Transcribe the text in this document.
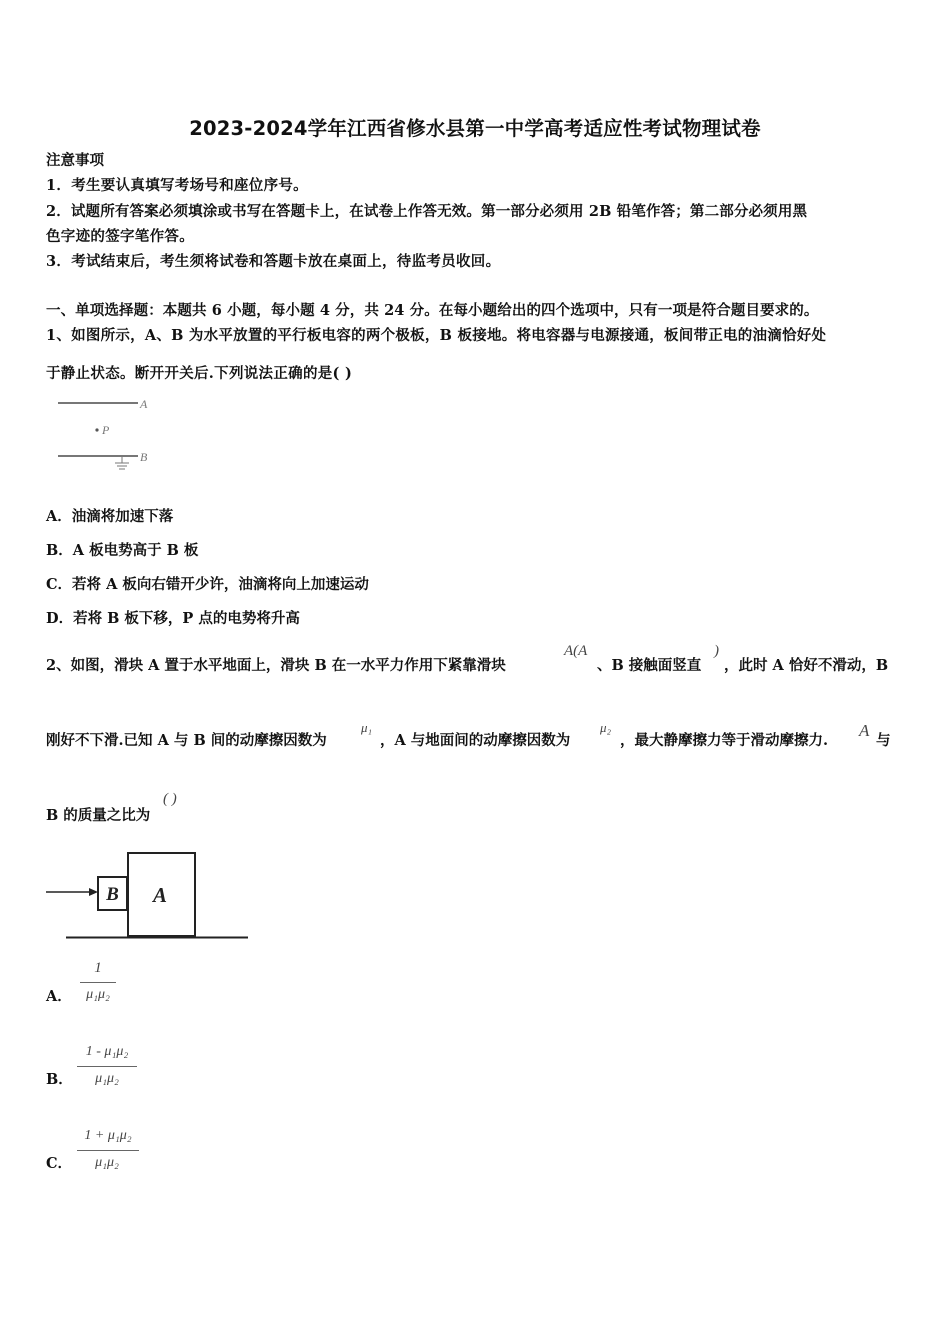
2023-2024学年江西省修水县第一中学高考适应性考试物理试卷
注意事项
1．考生要认真填写考场号和座位序号。
2．试题所有答案必须填涂或书写在答题卡上，在试卷上作答无效。第一部分必须用 2B 铅笔作答；第二部分必须用黑
色字迹的签字笔作答。
3．考试结束后，考生须将试卷和答题卡放在桌面上，待监考员收回。
一、单项选择题：本题共 6 小题，每小题 4 分，共 24 分。在每小题给出的四个选项中，只有一项是符合题目要求的。
1、如图所示，A、B 为水平放置的平行板电容的两个极板，B 板接地。将电容器与电源接通，板间带正电的油滴恰好处
于静止状态。断开开关后.下列说法正确的是( )
A
P
B
A．油滴将加速下落
B．A 板电势高于 B 板
C．若将 A 板向右错开少许，油滴将向上加速运动
D．若将 B 板下移，P 点的电势将升高
2、如图，滑块 A 置于水平地面上，滑块 B 在一水平力作用下紧靠滑块
A(A
、B 接触面竖直
)
，此时 A 恰好不滑动，B
刚好不下滑.已知 A 与 B 间的动摩擦因数为
μ₁
，A 与地面间的动摩擦因数为
μ₂
，最大静摩擦力等于滑动摩擦力.
A
与
B 的质量之比为
( )
B A
A．
1
μ₁μ₂
B．
1 - μ₁μ₂
μ₁μ₂
C．
1 + μ₁μ₂
μ₁μ₂
